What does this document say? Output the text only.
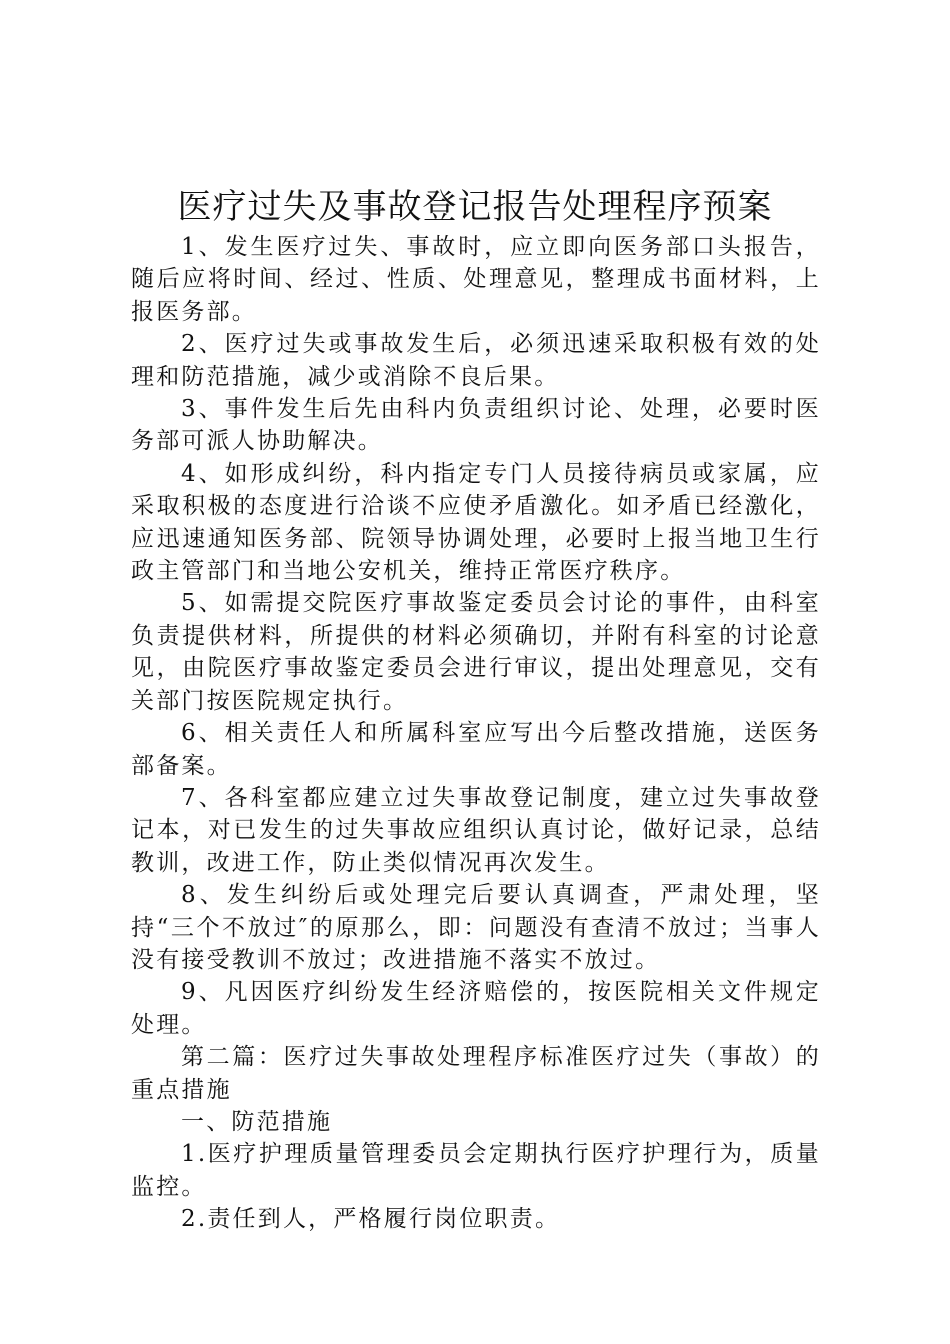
医疗过失及事故登记报告处理程序预案

1、发生医疗过失、事故时，应立即向医务部口头报告，随后应将时间、经过、性质、处理意见，整理成书面材料，上报医务部。

2、医疗过失或事故发生后，必须迅速采取积极有效的处理和防范措施，减少或消除不良后果。

3、事件发生后先由科内负责组织讨论、处理，必要时医务部可派人协助解决。

4、如形成纠纷，科内指定专门人员接待病员或家属，应采取积极的态度进行洽谈不应使矛盾激化。如矛盾已经激化，应迅速通知医务部、院领导协调处理，必要时上报当地卫生行政主管部门和当地公安机关，维持正常医疗秩序。

5、如需提交院医疗事故鉴定委员会讨论的事件，由科室负责提供材料，所提供的材料必须确切，并附有科室的讨论意见，由院医疗事故鉴定委员会进行审议，提出处理意见，交有关部门按医院规定执行。

6、相关责任人和所属科室应写出今后整改措施，送医务部备案。

7、各科室都应建立过失事故登记制度，建立过失事故登记本，对已发生的过失事故应组织认真讨论，做好记录，总结教训，改进工作，防止类似情况再次发生。

8、发生纠纷后或处理完后要认真调查，严肃处理，坚持“三个不放过″的原那么，即：问题没有查清不放过；当事人没有接受教训不放过；改进措施不落实不放过。

9、凡因医疗纠纷发生经济赔偿的，按医院相关文件规定处理。

第二篇：医疗过失事故处理程序标准医疗过失（事故）的重点措施

一、防范措施

1.医疗护理质量管理委员会定期执行医疗护理行为，质量监控。

2.责任到人，严格履行岗位职责。
